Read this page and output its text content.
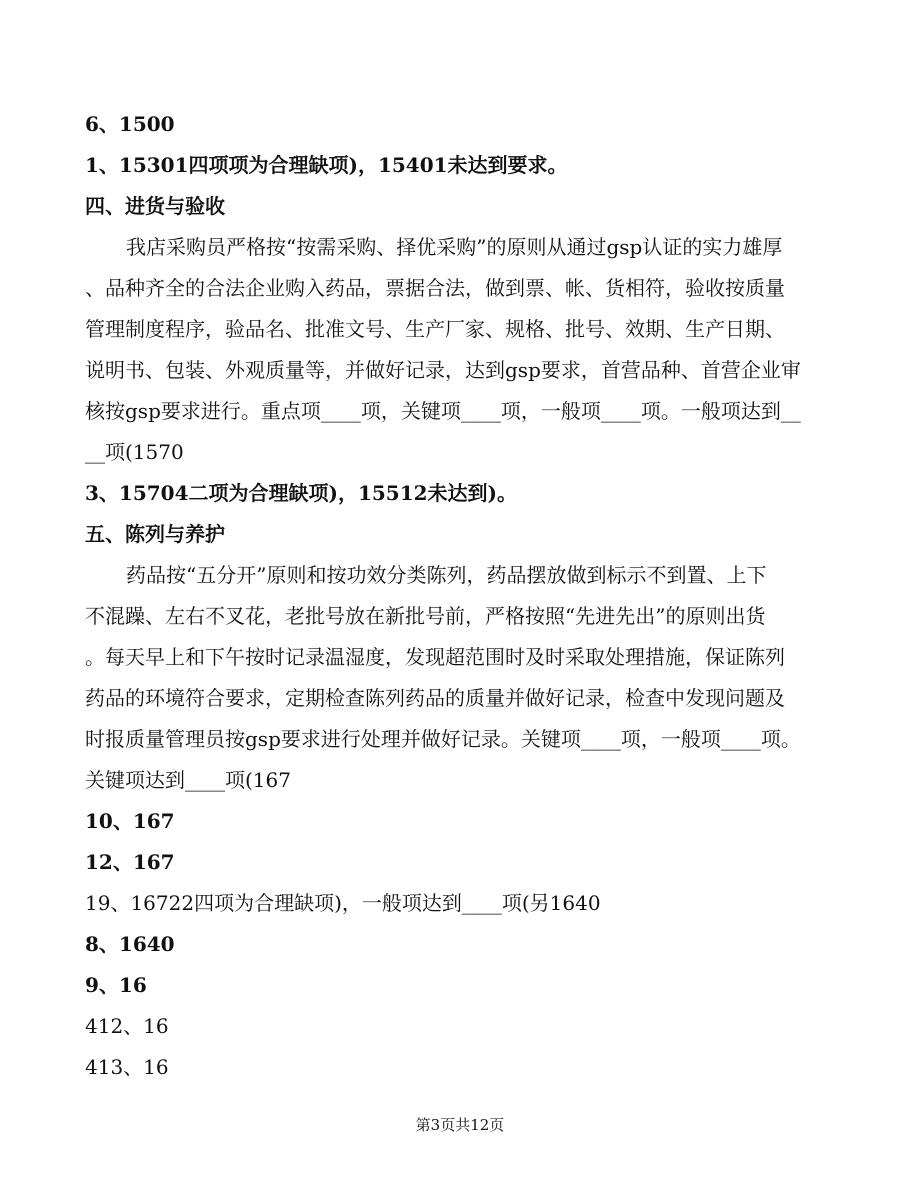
6、1500
1、15301四项项为合理缺项)，15401未达到要求。
四、进货与验收
我店采购员严格按“按需采购、择优采购”的原则从通过gsp认证的实力雄厚
、品种齐全的合法企业购入药品，票据合法，做到票、帐、货相符，验收按质量
管理制度程序，验品名、批准文号、生产厂家、规格、批号、效期、生产日期、
说明书、包装、外观质量等，并做好记录，达到gsp要求，首营品种、首营企业审
核按gsp要求进行。重点项____项，关键项____项，一般项____项。一般项达到__
__项(1570
3、15704二项为合理缺项)，15512未达到)。
五、陈列与养护
药品按“五分开”原则和按功效分类陈列，药品摆放做到标示不到置、上下
不混躁、左右不叉花，老批号放在新批号前，严格按照“先进先出”的原则出货
。每天早上和下午按时记录温湿度，发现超范围时及时采取处理措施，保证陈列
药品的环境符合要求，定期检查陈列药品的质量并做好记录，检查中发现问题及
时报质量管理员按gsp要求进行处理并做好记录。关键项____项，一般项____项。
关键项达到____项(167
10、167
12、167
19、16722四项为合理缺项)，一般项达到____项(另1640
8、1640
9、16
412、16
413、16
第3页共12页
